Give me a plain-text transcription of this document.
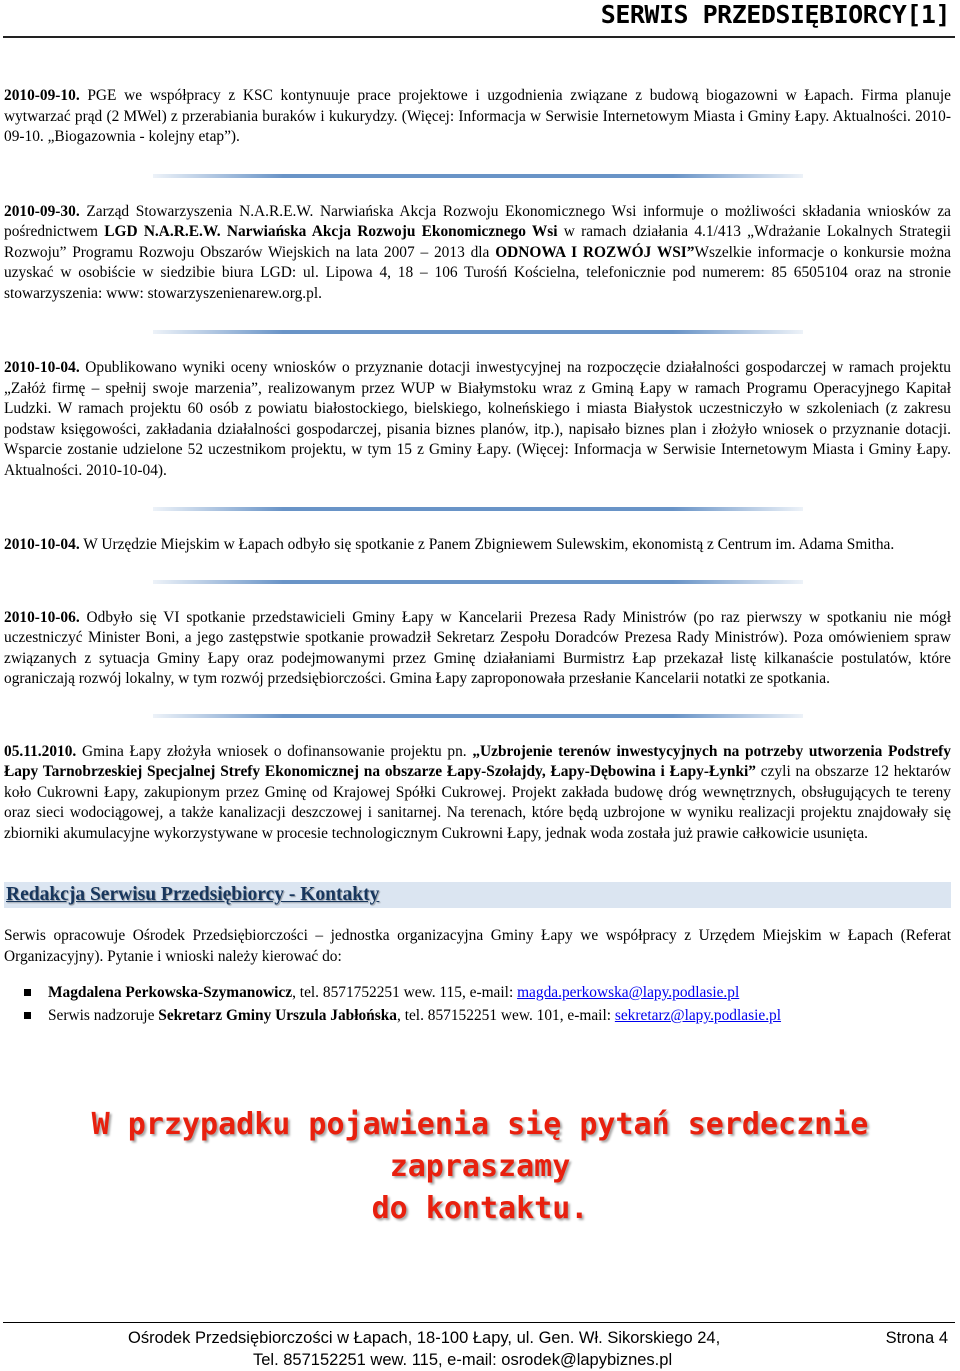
SERWIS PRZEDSIĘBIORCY[1]

2010-09-10. PGE we współpracy z KSC kontynuuje prace projektowe i uzgodnienia związane z budową biogazowni w Łapach. Firma planuje wytwarzać prąd (2 MWel) z przerabiania buraków i kukurydzy. (Więcej: Informacja w Serwisie Internetowym Miasta i Gminy Łapy. Aktualności. 2010-09-10. „Biogazownia - kolejny etap”).

2010-09-30. Zarząd Stowarzyszenia N.A.R.E.W. Narwiańska Akcja Rozwoju Ekonomicznego Wsi informuje o możliwości składania wniosków za pośrednictwem LGD N.A.R.E.W. Narwiańska Akcja Rozwoju Ekonomicznego Wsi w ramach działania 4.1/413 „Wdrażanie Lokalnych Strategii Rozwoju” Programu Rozwoju Obszarów Wiejskich na lata 2007 – 2013 dla ODNOWA I ROZWÓJ WSI”Wszelkie informacje o konkursie można uzyskać w osobiście w siedzibie biura LGD: ul. Lipowa 4, 18 – 106 Turośń Kościelna, telefonicznie pod numerem: 85 6505104 oraz na stronie stowarzyszenia: www: stowarzyszenienarew.org.pl.

2010-10-04. Opublikowano wyniki oceny wniosków o przyznanie dotacji inwestycyjnej na rozpoczęcie działalności gospodarczej w ramach projektu „Załóż firmę – spełnij swoje marzenia”, realizowanym przez WUP w Białymstoku wraz z Gminą Łapy w ramach Programu Operacyjnego Kapitał Ludzki. W ramach projektu 60 osób z powiatu białostockiego, bielskiego, kolneńskiego i miasta Białystok uczestniczyło w szkoleniach (z zakresu podstaw księgowości, zakładania działalności gospodarczej, pisania biznes planów, itp.), napisało biznes plan i złożyło wniosek o przyznanie dotacji. Wsparcie zostanie udzielone 52 uczestnikom projektu, w tym 15 z Gminy Łapy. (Więcej: Informacja w Serwisie Internetowym Miasta i Gminy Łapy. Aktualności. 2010-10-04).

2010-10-04. W Urzędzie Miejskim w Łapach odbyło się spotkanie z Panem Zbigniewem Sulewskim, ekonomistą z Centrum im. Adama Smitha.

2010-10-06. Odbyło się VI spotkanie przedstawicieli Gminy Łapy w Kancelarii Prezesa Rady Ministrów (po raz pierwszy w spotkaniu nie mógł uczestniczyć Minister Boni, a jego zastępstwie spotkanie prowadził Sekretarz Zespołu Doradców Prezesa Rady Ministrów). Poza omówieniem spraw związanych z sytuacja Gminy Łapy oraz podejmowanymi przez Gminę działaniami Burmistrz Łap przekazał listę kilkanaście postulatów, które ograniczają rozwój lokalny, w tym rozwój przedsiębiorczości. Gmina Łapy zaproponowała przesłanie Kancelarii notatki ze spotkania.

05.11.2010. Gmina Łapy złożyła wniosek o dofinansowanie projektu pn. „Uzbrojenie terenów inwestycyjnych na potrzeby utworzenia Podstrefy Łapy Tarnobrzeskiej Specjalnej Strefy Ekonomicznej na obszarze Łapy-Szołajdy, Łapy-Dębowina i Łapy-Łynki” czyli na obszarze 12 hektarów koło Cukrowni Łapy, zakupionym przez Gminę od Krajowej Spółki Cukrowej. Projekt zakłada budowę dróg wewnętrznych, obsługujących te tereny oraz sieci wodociągowej, a także kanalizacji deszczowej i sanitarnej. Na terenach, które będą uzbrojone w wyniku realizacji projektu znajdowały się zbiorniki akumulacyjne wykorzystywane w procesie technologicznym Cukrowni Łapy, jednak woda została już prawie całkowicie usunięta.

Redakcja Serwisu Przedsiębiorcy - Kontakty

Serwis opracowuje Ośrodek Przedsiębiorczości – jednostka organizacyjna Gminy Łapy we współpracy z Urzędem Miejskim w Łapach (Referat Organizacyjny). Pytanie i wnioski należy kierować do:

Magdalena Perkowska-Szymanowicz, tel. 8571752251 wew. 115, e-mail: magda.perkowska@lapy.podlasie.pl
Serwis nadzoruje Sekretarz Gminy Urszula Jabłońska, tel. 857152251 wew. 101, e-mail: sekretarz@lapy.podlasie.pl
W przypadku pojawienia się pytań serdecznie zapraszamy
do kontaktu.
Ośrodek Przedsiębiorczości w Łapach, 18-100 Łapy, ul. Gen. Wł. Sikorskiego 24,	Strona 4
Tel. 857152251 wew. 115, e-mail: osrodek@lapybiznes.pl
